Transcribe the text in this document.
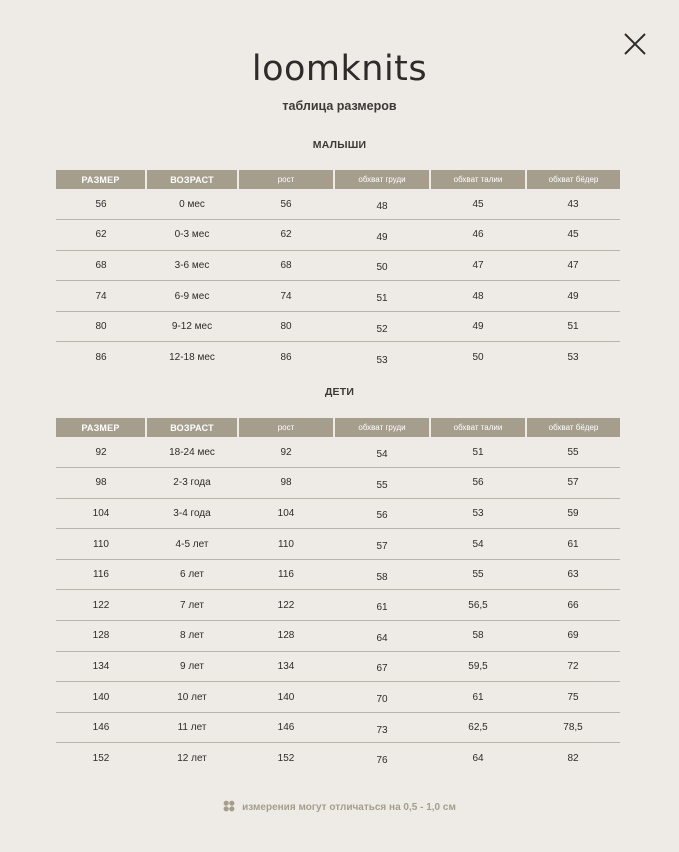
loomknits
таблица размеров
МАЛЫШИ
РАЗМЕР	ВОЗРАСТ	рост	обхват груди	обхват талии	обхват бёдер
56	0 мес	56	48	45	43
62	0-3 мес	62	49	46	45
68	3-6 мес	68	50	47	47
74	6-9 мес	74	51	48	49
80	9-12 мес	80	52	49	51
86	12-18 мес	86	53	50	53
ДЕТИ
РАЗМЕР	ВОЗРАСТ	рост	обхват груди	обхват талии	обхват бёдер
92	18-24 мес	92	54	51	55
98	2-3 года	98	55	56	57
104	3-4 года	104	56	53	59
110	4-5 лет	110	57	54	61
116	6 лет	116	58	55	63
122	7 лет	122	61	56,5	66
128	8 лет	128	64	58	69
134	9 лет	134	67	59,5	72
140	10 лет	140	70	61	75
146	11 лет	146	73	62,5	78,5
152	12 лет	152	76	64	82
измерения могут отличаться на 0,5 - 1,0 см
